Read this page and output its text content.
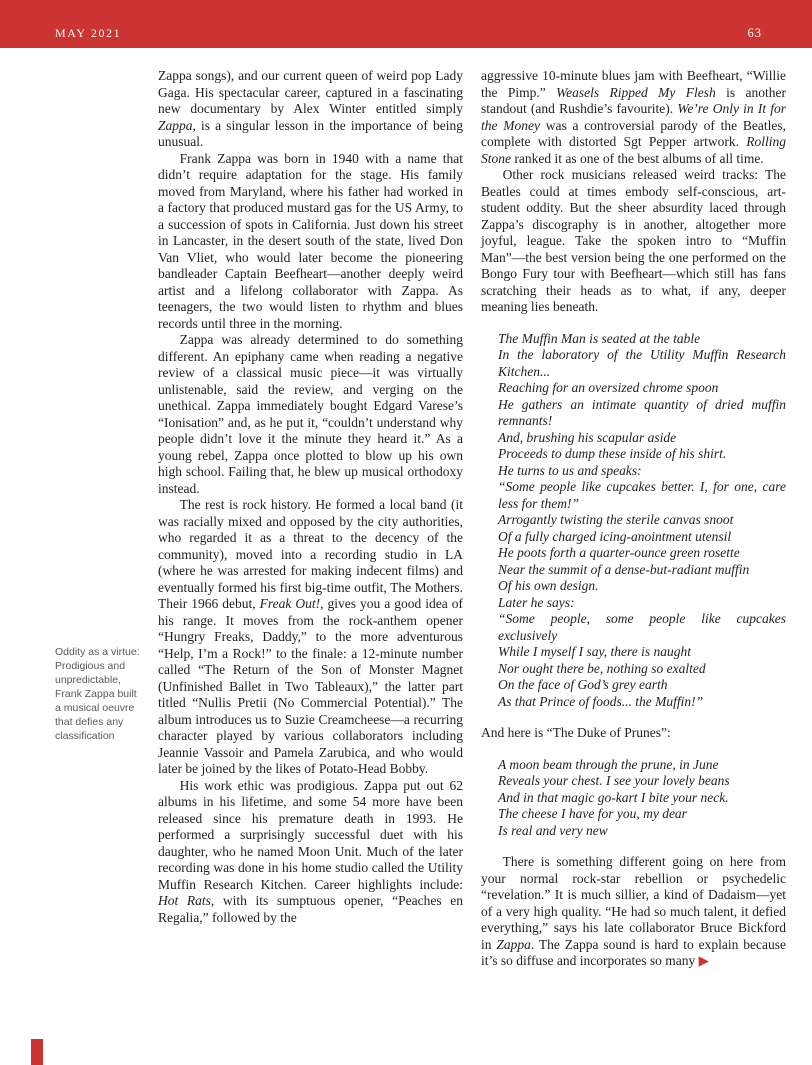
MAY 2021	63
Oddity as a virtue:
Prodigious and
unpredictable,
Frank Zappa built
a musical oeuvre
that defies any
classification

Zappa songs), and our current queen of weird pop Lady Gaga. His spectacular career, captured in a fascinating new documentary by Alex Winter entitled simply Zappa, is a singular lesson in the importance of being unusual.

Frank Zappa was born in 1940 with a name that didn’t require adaptation for the stage. His family moved from Maryland, where his father had worked in a factory that produced mustard gas for the US Army, to a succession of spots in California. Just down his street in Lancaster, in the desert south of the state, lived Don Van Vliet, who would later become the pioneering bandleader Captain Beefheart—another deeply weird artist and a lifelong collaborator with Zappa. As teenagers, the two would listen to rhythm and blues records until three in the morning.

Zappa was already determined to do something different. An epiphany came when reading a negative review of a classical music piece—it was virtually unlistenable, said the review, and verging on the unethical. Zappa immediately bought Edgard Varese’s “Ionisation” and, as he put it, “couldn’t understand why people didn’t love it the minute they heard it.” As a young rebel, Zappa once plotted to blow up his own high school. Failing that, he blew up musical orthodoxy instead.

The rest is rock history. He formed a local band (it was racially mixed and opposed by the city authorities, who regarded it as a threat to the decency of the community), moved into a recording studio in LA (where he was arrested for making indecent films) and eventually formed his first big-time outfit, The Mothers. Their 1966 debut, Freak Out!, gives you a good idea of his range. It moves from the rock-anthem opener “Hungry Freaks, Daddy,” to the more adventurous “Help, I’m a Rock!” to the finale: a 12-minute number called “The Return of the Son of Monster Magnet (Unfinished Ballet in Two Tableaux),” the latter part titled “Nullis Pretii (No Commercial Potential).” The album introduces us to Suzie Creamcheese—a recurring character played by various collaborators including Jeannie Vassoir and Pamela Zarubica, and who would later be joined by the likes of Potato-Head Bobby.

His work ethic was prodigious. Zappa put out 62 albums in his lifetime, and some 54 more have been released since his premature death in 1993. He performed a surprisingly successful duet with his daughter, who he named Moon Unit. Much of the later recording was done in his home studio called the Utility Muffin Research Kitchen. Career highlights include: Hot Rats, with its sumptuous opener, “Peaches en Regalia,” followed by the

aggressive 10-minute blues jam with Beefheart, “Willie the Pimp.” Weasels Ripped My Flesh is another standout (and Rushdie’s favourite). We’re Only in It for the Money was a controversial parody of the Beatles, complete with distorted Sgt Pepper artwork. Rolling Stone ranked it as one of the best albums of all time.

Other rock musicians released weird tracks: The Beatles could at times embody self-conscious, art-student oddity. But the sheer absurdity laced through Zappa’s discography is in another, altogether more joyful, league. Take the spoken intro to “Muffin Man”—the best version being the one performed on the Bongo Fury tour with Beefheart—which still has fans scratching their heads as to what, if any, deeper meaning lies beneath.

The Muffin Man is seated at the table
In the laboratory of the Utility Muffin Research Kitchen...
Reaching for an oversized chrome spoon
He gathers an intimate quantity of dried muffin remnants!
And, brushing his scapular aside
Proceeds to dump these inside of his shirt.
He turns to us and speaks:
“Some people like cupcakes better. I, for one, care less for them!”
Arrogantly twisting the sterile canvas snoot
Of a fully charged icing-anointment utensil
He poots forth a quarter-ounce green rosette
Near the summit of a dense-but-radiant muffin
Of his own design.
Later he says:
“Some people, some people like cupcakes exclusively
While I myself I say, there is naught
Nor ought there be, nothing so exalted
On the face of God’s grey earth
As that Prince of foods... the Muffin!”

And here is “The Duke of Prunes”:

A moon beam through the prune, in June
Reveals your chest. I see your lovely beans
And in that magic go-kart I bite your neck.
The cheese I have for you, my dear
Is real and very new

There is something different going on here from your normal rock-star rebellion or psychedelic “revelation.” It is much sillier, a kind of Dadaism—yet of a very high quality. “He had so much talent, it defied everything,” says his late collaborator Bruce Bickford in Zappa. The Zappa sound is hard to explain because it’s so diffuse and incorporates so many ▶
